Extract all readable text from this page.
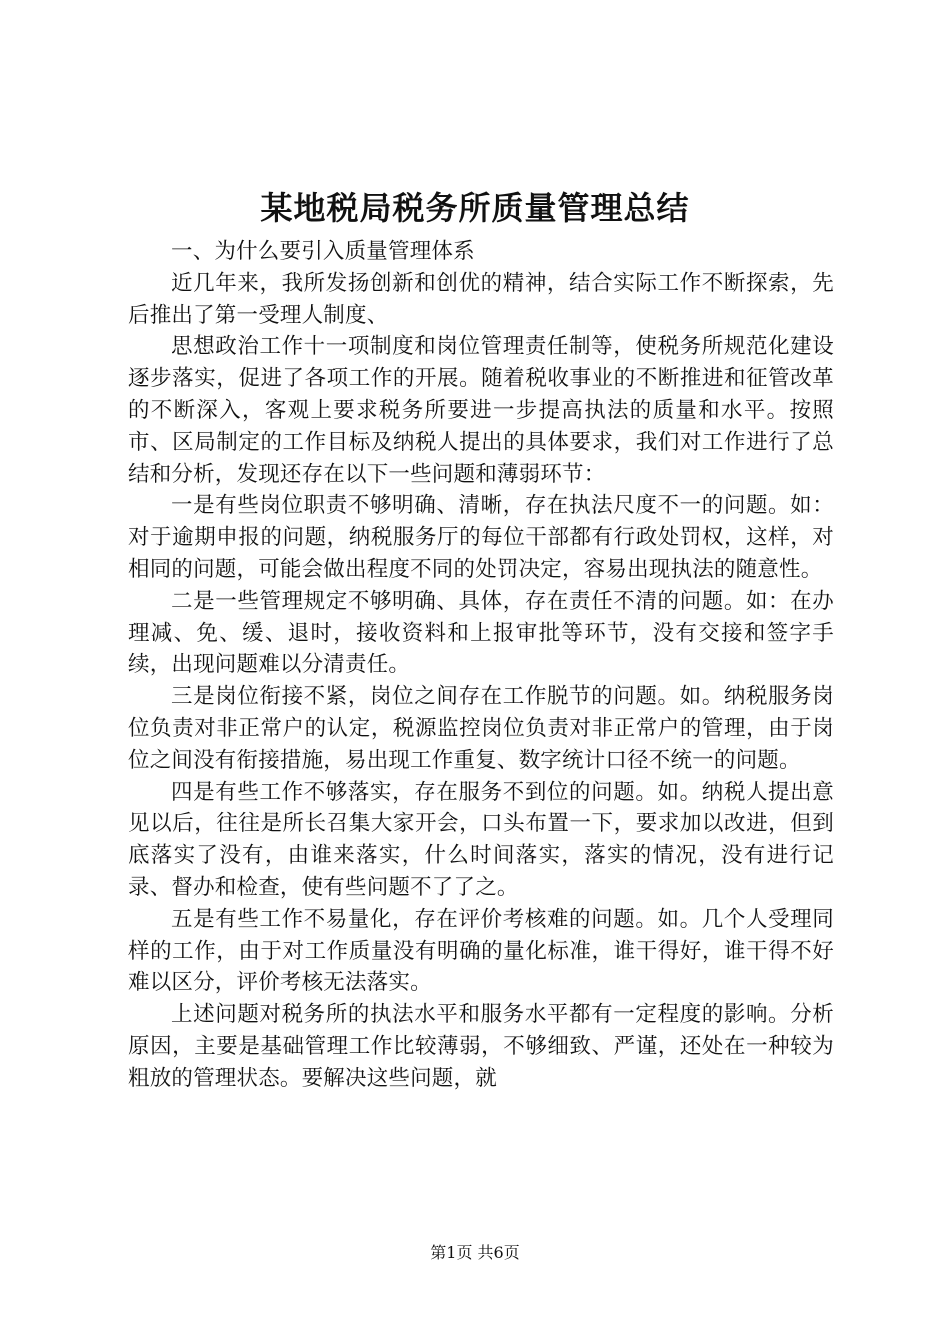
某地税局税务所质量管理总结

一、为什么要引入质量管理体系

近几年来，我所发扬创新和创优的精神，结合实际工作不断探索，先后推出了第一受理人制度、

思想政治工作十一项制度和岗位管理责任制等，使税务所规范化建设逐步落实，促进了各项工作的开展。随着税收事业的不断推进和征管改革的不断深入，客观上要求税务所要进一步提高执法的质量和水平。按照市、区局制定的工作目标及纳税人提出的具体要求，我们对工作进行了总结和分析，发现还存在以下一些问题和薄弱环节：

一是有些岗位职责不够明确、清晰，存在执法尺度不一的问题。如：对于逾期申报的问题，纳税服务厅的每位干部都有行政处罚权，这样，对相同的问题，可能会做出程度不同的处罚决定，容易出现执法的随意性。

二是一些管理规定不够明确、具体，存在责任不清的问题。如：在办理减、免、缓、退时，接收资料和上报审批等环节，没有交接和签字手续，出现问题难以分清责任。

三是岗位衔接不紧，岗位之间存在工作脱节的问题。如。纳税服务岗位负责对非正常户的认定，税源监控岗位负责对非正常户的管理，由于岗位之间没有衔接措施，易出现工作重复、数字统计口径不统一的问题。

四是有些工作不够落实，存在服务不到位的问题。如。纳税人提出意见以后，往往是所长召集大家开会，口头布置一下，要求加以改进，但到底落实了没有，由谁来落实，什么时间落实，落实的情况，没有进行记录、督办和检查，使有些问题不了了之。

五是有些工作不易量化，存在评价考核难的问题。如。几个人受理同样的工作，由于对工作质量没有明确的量化标准，谁干得好，谁干得不好难以区分，评价考核无法落实。

上述问题对税务所的执法水平和服务水平都有一定程度的影响。分析原因，主要是基础管理工作比较薄弱，不够细致、严谨，还处在一种较为粗放的管理状态。要解决这些问题，就

第1页 共6页
